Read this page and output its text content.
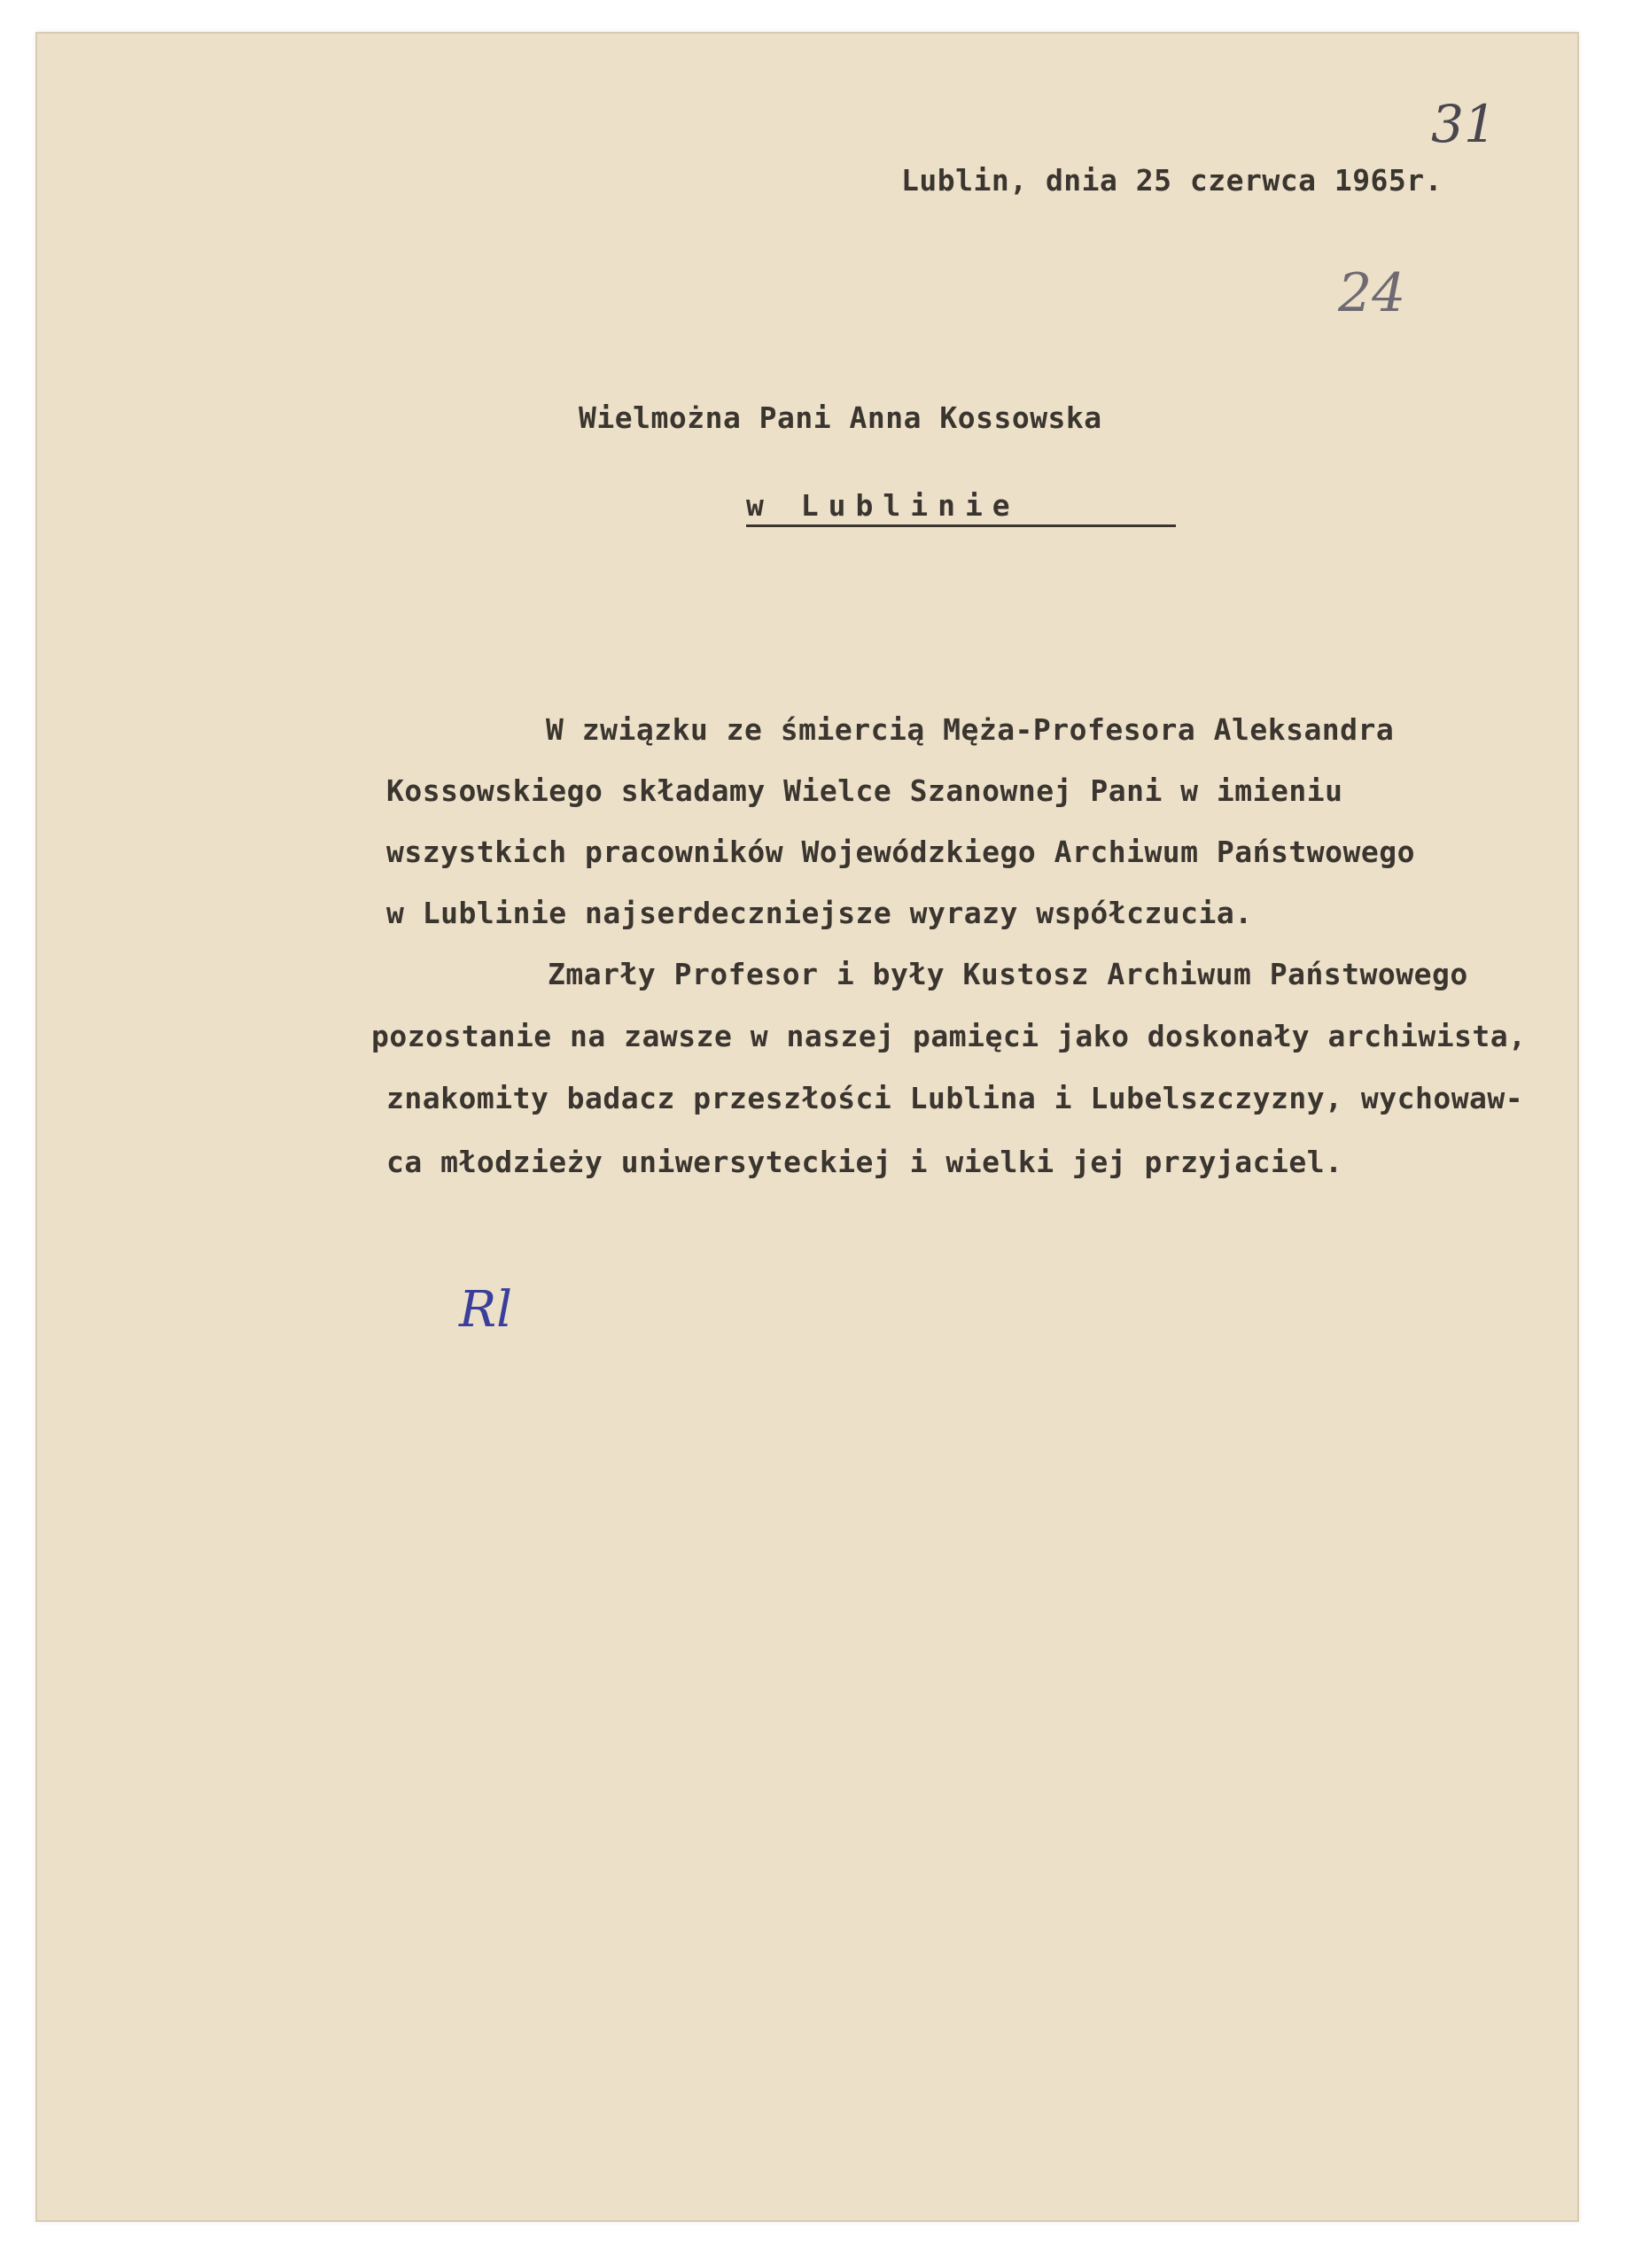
31
24
Lublin, dnia 25 czerwca 1965r.
Wielmożna Pani Anna Kossowska
w Lublinie
W związku ze śmiercią Męża-Profesora Aleksandra
Kossowskiego składamy Wielce Szanownej Pani w imieniu
wszystkich pracowników Wojewódzkiego Archiwum Państwowego
w Lublinie najserdeczniejsze wyrazy współczucia.
Zmarły Profesor i były Kustosz Archiwum Państwowego
pozostanie na zawsze w naszej pamięci jako doskonały archiwista,
znakomity badacz przeszłości Lublina i Lubelszczyzny, wychowaw-
ca młodzieży uniwersyteckiej i wielki jej przyjaciel.
Rl
